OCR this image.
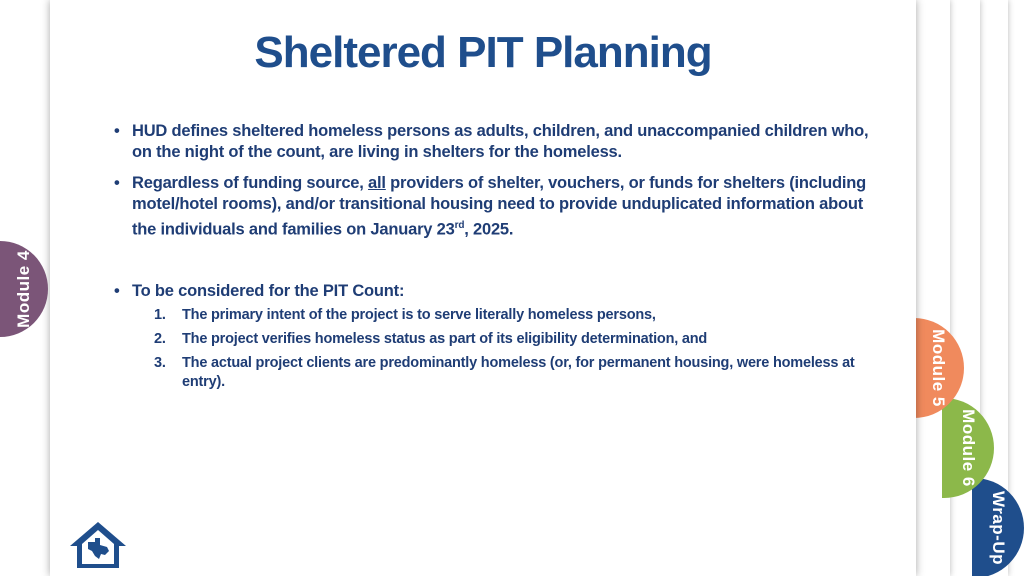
Wrap-Up
Module 6
Module 5
Sheltered PIT Planning
• HUD defines sheltered homeless persons as adults, children, and unaccompanied children who, on the night of the count, are living in shelters for the homeless.
• Regardless of funding source, all providers of shelter, vouchers, or funds for shelters (including motel/hotel rooms), and/or transitional housing need to provide unduplicated information about the individuals and families on January 23rd, 2025.
• To be considered for the PIT Count:
1. The primary intent of the project is to serve literally homeless persons,
2. The project verifies homeless status as part of its eligibility determination, and
3. The actual project clients are predominantly homeless (or, for permanent housing, were homeless at entry).
Module 4
